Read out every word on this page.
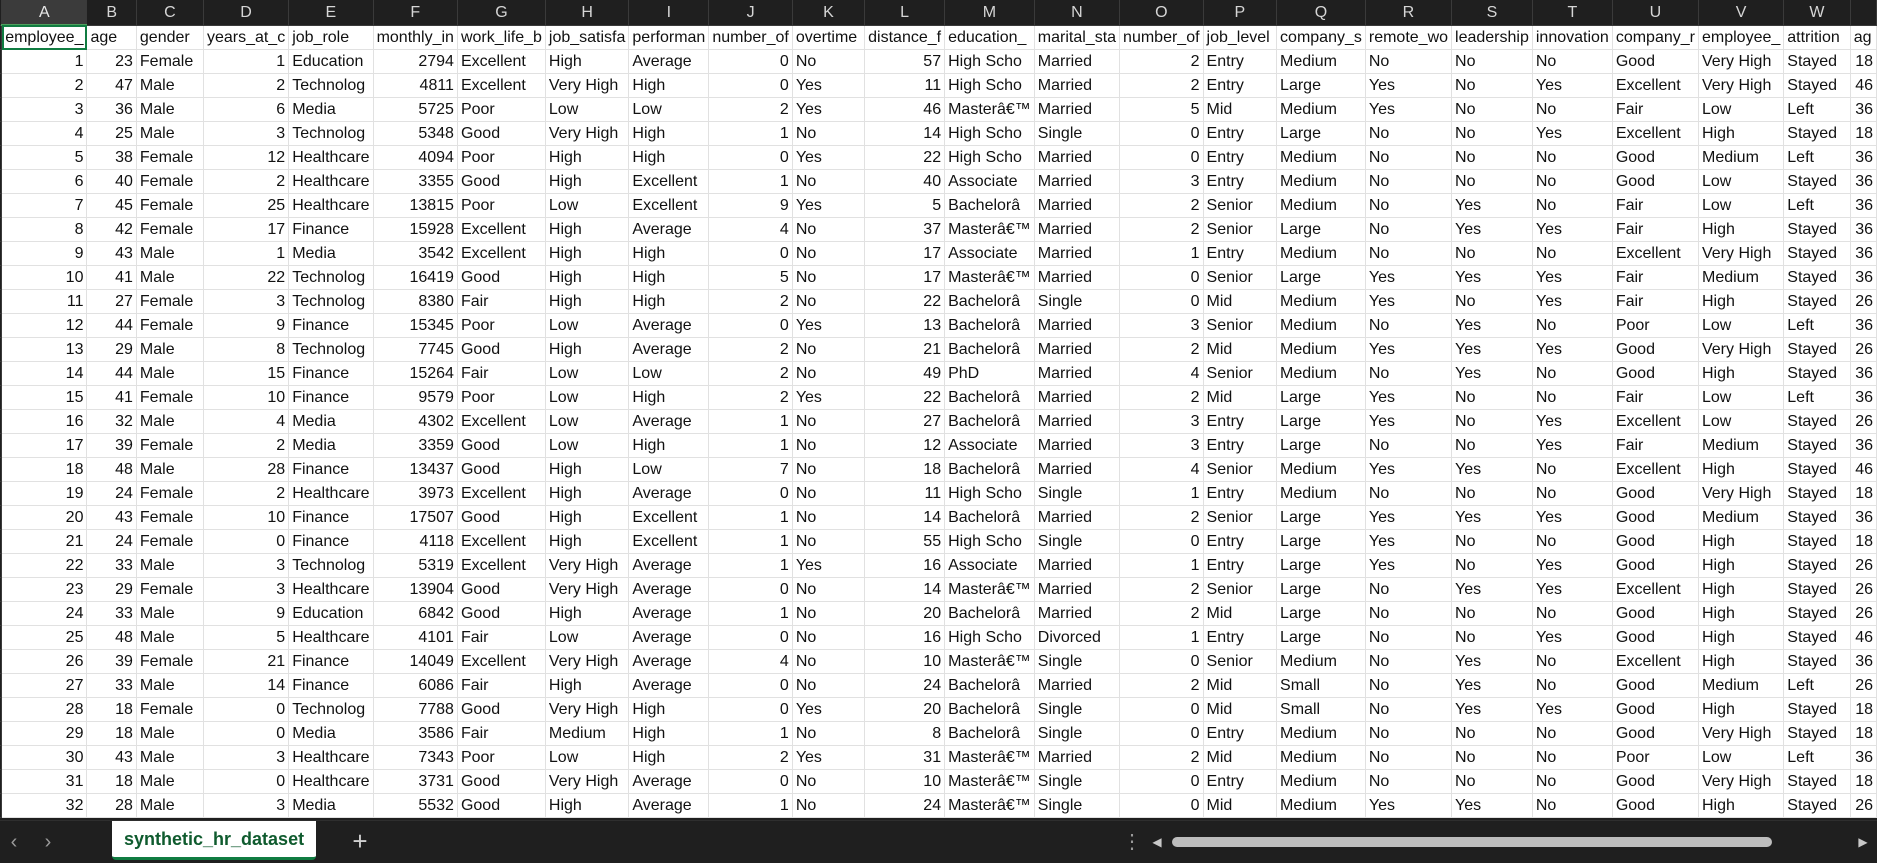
	A	B	C	D	E	F	G	H	I	J	K	L	M	N	O	P	Q	R	S	T	U	V	W	
	employee_	age	gender	years_at_c	job_role	monthly_in	work_life_b	job_satisfa	performan	number_of	overtime	distance_f	education_	marital_sta	number_of	job_level	company_s	remote_wo	leadership	innovation	company_r	employee_	attrition	ag
	1	23	Female	1	Education	2794	Excellent	High	Average	0	No	57	High Scho	Married	2	Entry	Medium	No	No	No	Good	Very High	Stayed	18
	2	47	Male	2	Technolog	4811	Excellent	Very High	High	0	Yes	11	High Scho	Married	2	Entry	Large	Yes	No	Yes	Excellent	Very High	Stayed	46
	3	36	Male	6	Media	5725	Poor	Low	Low	2	Yes	46	Masterâ€™	Married	5	Mid	Medium	Yes	No	No	Fair	Low	Left	36
	4	25	Male	3	Technolog	5348	Good	Very High	High	1	No	14	High Scho	Single	0	Entry	Large	No	No	Yes	Excellent	High	Stayed	18
	5	38	Female	12	Healthcare	4094	Poor	High	High	0	Yes	22	High Scho	Married	0	Entry	Medium	No	No	No	Good	Medium	Left	36
	6	40	Female	2	Healthcare	3355	Good	High	Excellent	1	No	40	Associate	Married	3	Entry	Medium	No	No	No	Good	Low	Stayed	36
	7	45	Female	25	Healthcare	13815	Poor	Low	Excellent	9	Yes	5	Bachelorâ	Married	2	Senior	Medium	No	Yes	No	Fair	Low	Left	36
	8	42	Female	17	Finance	15928	Excellent	High	Average	4	No	37	Masterâ€™	Married	2	Senior	Large	No	Yes	Yes	Fair	High	Stayed	36
	9	43	Male	1	Media	3542	Excellent	High	High	0	No	17	Associate	Married	1	Entry	Medium	No	No	No	Excellent	Very High	Stayed	36
	10	41	Male	22	Technolog	16419	Good	High	High	5	No	17	Masterâ€™	Married	0	Senior	Large	Yes	Yes	Yes	Fair	Medium	Stayed	36
	11	27	Female	3	Technolog	8380	Fair	High	High	2	No	22	Bachelorâ	Single	0	Mid	Medium	Yes	No	Yes	Fair	High	Stayed	26
	12	44	Female	9	Finance	15345	Poor	Low	Average	0	Yes	13	Bachelorâ	Married	3	Senior	Medium	No	Yes	No	Poor	Low	Left	36
	13	29	Male	8	Technolog	7745	Good	High	Average	2	No	21	Bachelorâ	Married	2	Mid	Medium	Yes	Yes	Yes	Good	Very High	Stayed	26
	14	44	Male	15	Finance	15264	Fair	Low	Low	2	No	49	PhD	Married	4	Senior	Medium	No	Yes	No	Good	High	Stayed	36
	15	41	Female	10	Finance	9579	Poor	Low	High	2	Yes	22	Bachelorâ	Married	2	Mid	Large	Yes	No	No	Fair	Low	Left	36
	16	32	Male	4	Media	4302	Excellent	Low	Average	1	No	27	Bachelorâ	Married	3	Entry	Large	Yes	No	Yes	Excellent	Low	Stayed	26
	17	39	Female	2	Media	3359	Good	Low	High	1	No	12	Associate	Married	3	Entry	Large	No	No	Yes	Fair	Medium	Stayed	36
	18	48	Male	28	Finance	13437	Good	High	Low	7	No	18	Bachelorâ	Married	4	Senior	Medium	Yes	Yes	No	Excellent	High	Stayed	46
	19	24	Female	2	Healthcare	3973	Excellent	High	Average	0	No	11	High Scho	Single	1	Entry	Medium	No	No	No	Good	Very High	Stayed	18
	20	43	Female	10	Finance	17507	Good	High	Excellent	1	No	14	Bachelorâ	Married	2	Senior	Large	Yes	Yes	Yes	Good	Medium	Stayed	36
	21	24	Female	0	Finance	4118	Excellent	High	Excellent	1	No	55	High Scho	Single	0	Entry	Large	Yes	No	No	Good	High	Stayed	18
	22	33	Male	3	Technolog	5319	Excellent	Very High	Average	1	Yes	16	Associate	Married	1	Entry	Large	Yes	No	Yes	Good	High	Stayed	26
	23	29	Female	3	Healthcare	13904	Good	Very High	Average	0	No	14	Masterâ€™	Married	2	Senior	Large	No	Yes	Yes	Excellent	High	Stayed	26
	24	33	Male	9	Education	6842	Good	High	Average	1	No	20	Bachelorâ	Married	2	Mid	Large	No	No	No	Good	High	Stayed	26
	25	48	Male	5	Healthcare	4101	Fair	Low	Average	0	No	16	High Scho	Divorced	1	Entry	Large	No	No	Yes	Good	High	Stayed	46
	26	39	Female	21	Finance	14049	Excellent	Very High	Average	4	No	10	Masterâ€™	Single	0	Senior	Medium	No	Yes	No	Excellent	High	Stayed	36
	27	33	Male	14	Finance	6086	Fair	High	Average	0	No	24	Bachelorâ	Married	2	Mid	Small	No	Yes	No	Good	Medium	Left	26
	28	18	Female	0	Technolog	7788	Good	Very High	High	0	Yes	20	Bachelorâ	Single	0	Mid	Small	No	Yes	Yes	Good	High	Stayed	18
	29	18	Male	0	Media	3586	Fair	Medium	High	1	No	8	Bachelorâ	Single	0	Entry	Medium	No	No	No	Good	Very High	Stayed	18
	30	43	Male	3	Healthcare	7343	Poor	Low	High	2	Yes	31	Masterâ€™	Married	2	Mid	Medium	No	No	No	Poor	Low	Left	36
	31	18	Male	0	Healthcare	3731	Good	Very High	Average	0	No	10	Masterâ€™	Single	0	Entry	Medium	No	No	No	Good	Very High	Stayed	18
	32	28	Male	3	Media	5532	Good	High	Average	1	No	24	Masterâ€™	Single	0	Mid	Medium	Yes	Yes	No	Good	High	Stayed	26
‹	›	synthetic_hr_dataset	+	⋮ ◀	▶
